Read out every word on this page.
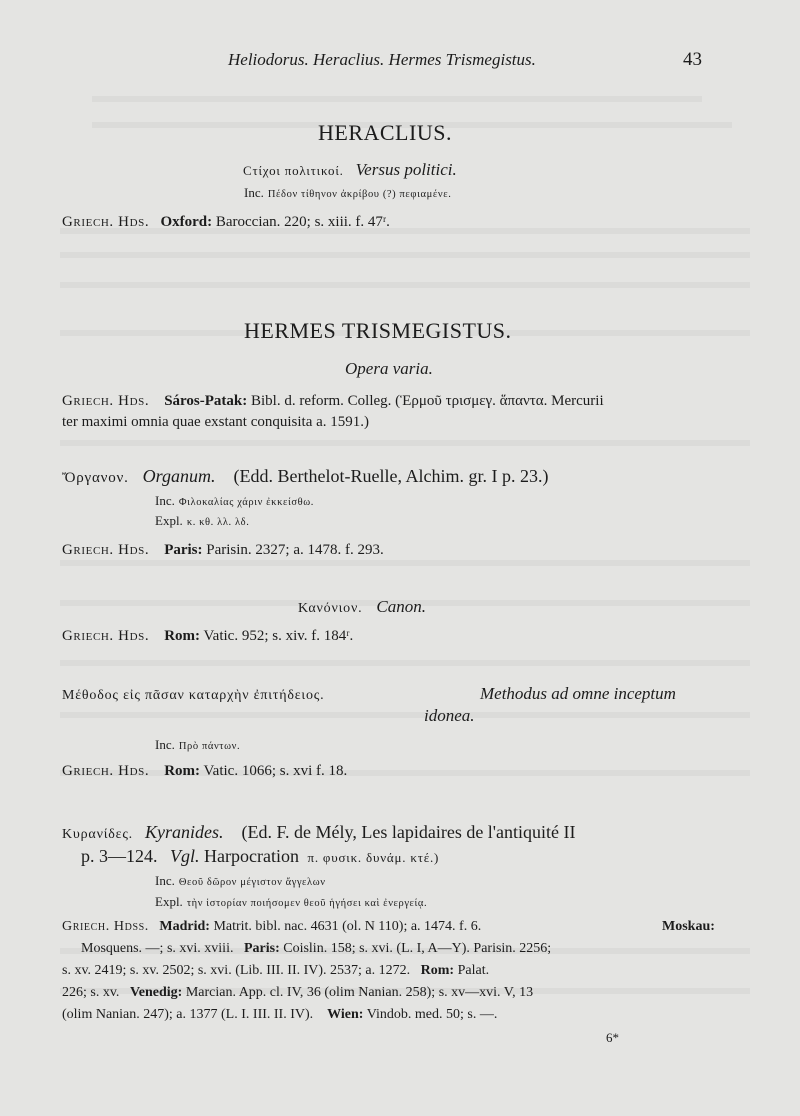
Heliodorus. Heraclius. Hermes Trismegistus.	43
HERACLIUS.
Cτίχοι πολιτικοί. Versus politici.
Inc. Πέδον τίθηνον ἀκρίβου (?) πεφιαμένε.
Griech. Hds. Oxford: Baroccian. 220; s. xiii. f. 47ʳ.
HERMES TRISMEGISTUS.
Opera varia.
Griech. Hds. Sáros-Patak: Bibl. d. reform. Colleg. (Ἑρμοῦ τρισμεγ. ἅπαντα. Mercurii
ter maximi omnia quae exstant conquisita a. 1591.)
Ὄργανον. Organum. (Edd. Berthelot-Ruelle, Alchim. gr. I p. 23.)
Inc. Φιλοκαλίας χάριν ἐκκείσθω.
Expl. κ. κθ. λλ. λδ.
Griech. Hds. Paris: Parisin. 2327; a. 1478. f. 293.
Κανόνιον. Canon.
Griech. Hds. Rom: Vatic. 952; s. xiv. f. 184ʳ.
Μέθοδος εἰς πᾶσαν καταρχὴν ἐπιτήδειος.	Methodus ad omne inceptum
idonea.
Inc. Πρὸ πάντων.
Griech. Hds. Rom: Vatic. 1066; s. xvi f. 18.
Κυρανίδες. Kyranides. (Ed. F. de Mély, Les lapidaires de l'antiquité II
p. 3—124. Vgl. Harpocration π. φυσικ. δυνάμ. κτέ.)
Inc. Θεοῦ δῶρον μέγιστον ἄγγελων
Expl. τὴν ἱστορίαν ποιήσομεν θεοῦ ἡγήσει καὶ ἐνεργείᾳ.
Griech. Hdss. Madrid: Matrit. bibl. nac. 4631 (ol. N 110); a. 1474. f. 6.	Moskau:
Mosquens. —; s. xvi. xviii. Paris: Coislin. 158; s. xvi. (L. I, A—Y). Parisin. 2256;
s. xv. 2419; s. xv. 2502; s. xvi. (Lib. III. II. IV). 2537; a. 1272. Rom: Palat.
226; s. xv. Venedig: Marcian. App. cl. IV, 36 (olim Nanian. 258); s. xv—xvi. V, 13
(olim Nanian. 247); a. 1377 (L. I. III. II. IV). Wien: Vindob. med. 50; s. —.
6*
